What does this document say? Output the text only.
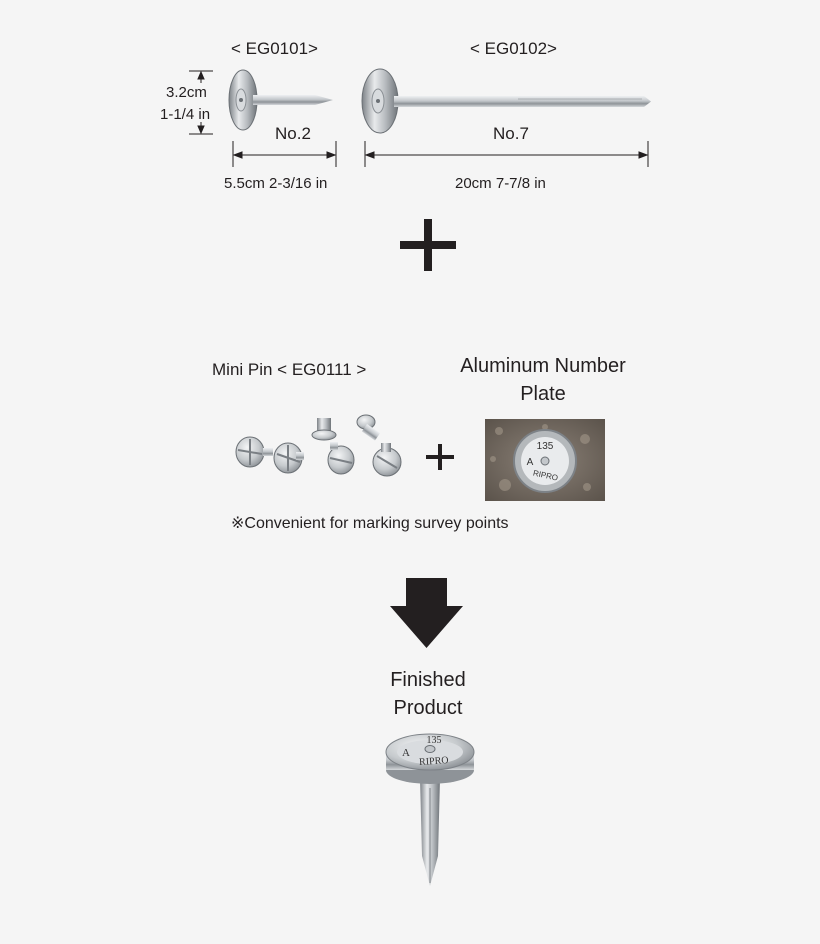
< EG0101>	< EG0102>
3.2cm
1-1/4 in
No.2	No.7
5.5cm 2-3/16 in	20cm 7-7/8 in
Mini Pin < EG0111 >	Aluminum Number
Plate
135
A
RIPRO
※Convenient for marking survey points
Finished
Product
135
A
RIPRO
